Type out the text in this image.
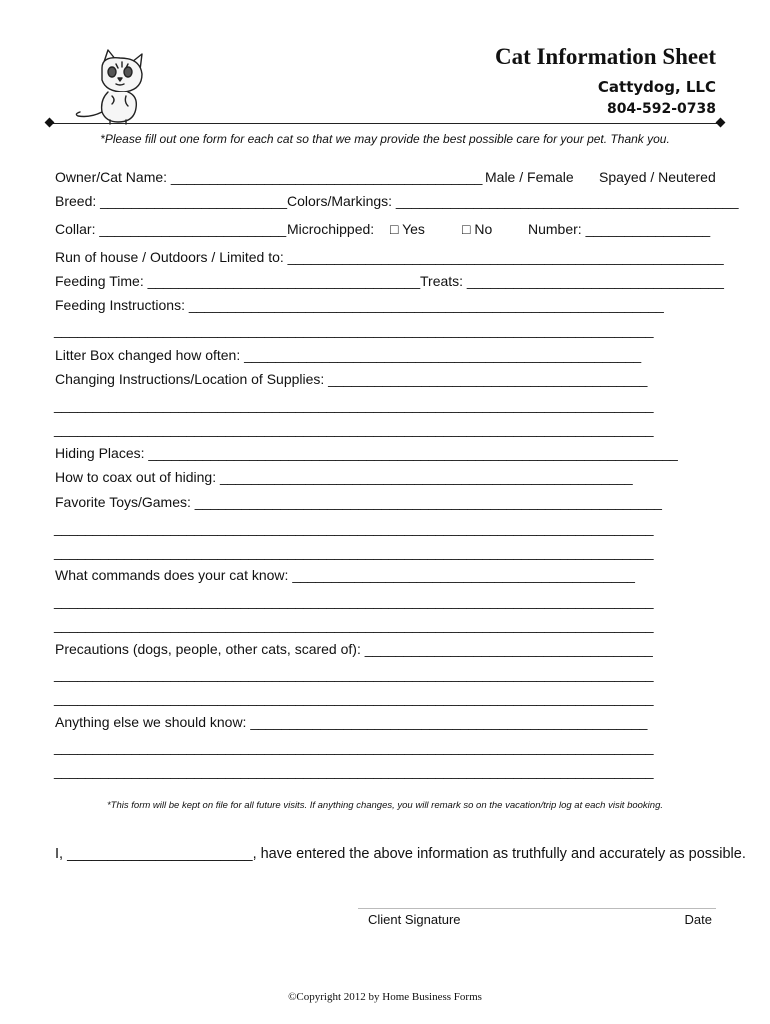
Cat Information Sheet
Cattydog, LLC
804-592-0738
*Please fill out one form for each cat so that we may provide the best possible care for your pet. Thank you.
Owner/Cat Name: ________________________________________ Male / Female Spayed / Neutered
Breed: ________________________ Colors/Markings: ____________________________________________
Collar: ________________________ Microchipped: □ Yes	□ No	Number: ________________
Run of house / Outdoors / Limited to: ________________________________________________________
Feeding Time: ___________________________________ Treats: _________________________________
Feeding Instructions: _____________________________________________________________
_____________________________________________________________________________
Litter Box changed how often: ___________________________________________________
Changing Instructions/Location of Supplies: _________________________________________
_____________________________________________________________________________
_____________________________________________________________________________
Hiding Places: ____________________________________________________________________
How to coax out of hiding: _____________________________________________________
Favorite Toys/Games: ____________________________________________________________
_____________________________________________________________________________
_____________________________________________________________________________
What commands does your cat know: ____________________________________________
_____________________________________________________________________________
_____________________________________________________________________________
Precautions (dogs, people, other cats, scared of): _____________________________________
_____________________________________________________________________________
_____________________________________________________________________________
Anything else we should know: ___________________________________________________
_____________________________________________________________________________
_____________________________________________________________________________
*This form will be kept on file for all future visits. If anything changes, you will remark so on the vacation/trip log at each visit booking.
I, _______________________, have entered the above information as truthfully and accurately as possible.
Client Signature	Date
©Copyright 2012 by Home Business Forms
